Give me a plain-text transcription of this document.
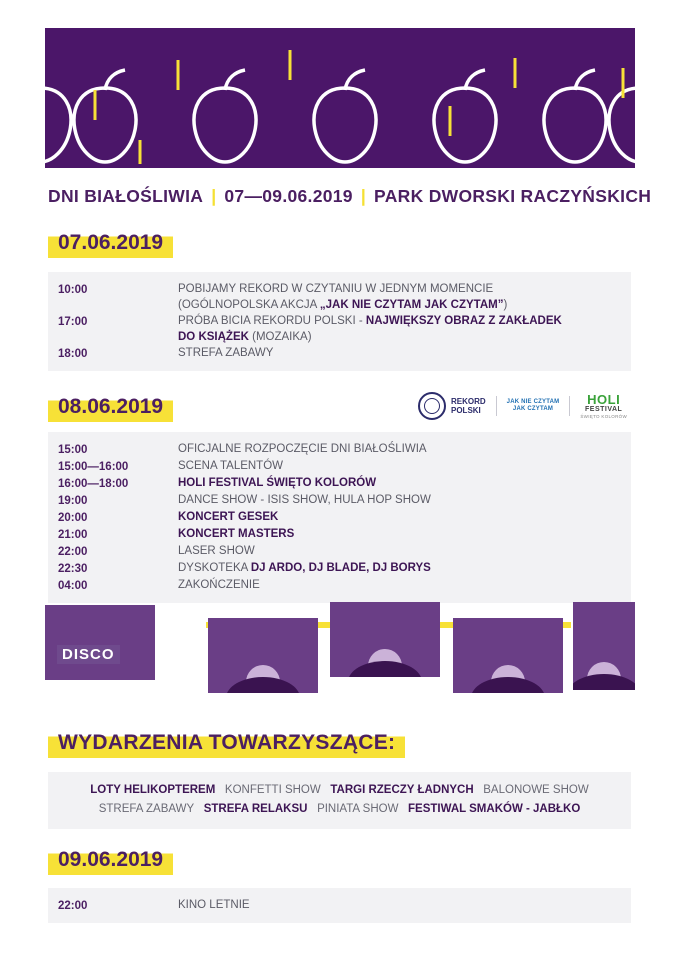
DNI BIAŁOŚLIWIA | 07—09.06.2019 | PARK DWORSKI RACZYŃSKICH
07.06.2019
10:00	POBIJAMY REKORD W CZYTANIU W JEDNYM MOMENCIE
(OGÓLNOPOLSKA AKCJA „JAK NIE CZYTAM JAK CZYTAM”)
17:00	PRÓBA BICIA REKORDU POLSKI - NAJWIĘKSZY OBRAZ Z ZAKŁADEK
DO KSIĄŻEK (MOZAIKA)
18:00	STREFA ZABAWY
08.06.2019	REKORD
POLSKI
JAK NIE CZYTAM
JAK CZYTAM
HOLI
FESTIVAL
ŚWIĘTO KOLORÓW
15:00	OFICJALNE ROZPOCZĘCIE DNI BIAŁOŚLIWIA
15:00—16:00	SCENA TALENTÓW
16:00—18:00	HOLI FESTIVAL ŚWIĘTO KOLORÓW
19:00	DANCE SHOW - ISIS SHOW, HULA HOP SHOW
20:00	KONCERT GESEK
21:00	KONCERT MASTERS
22:00	LASER SHOW
22:30	DYSKOTEKA DJ ARDO, DJ BLADE, DJ BORYS
04:00	ZAKOŃCZENIE
DISCO
WYDARZENIA TOWARZYSZĄCE:
LOTY HELIKOPTEREM KONFETTI SHOW TARGI RZECZY ŁADNYCH BALONOWE SHOW
STREFA ZABAWY STREFA RELAKSU PINIATA SHOW FESTIWAL SMAKÓW - JABŁKO
09.06.2019
22:00	KINO LETNIE
